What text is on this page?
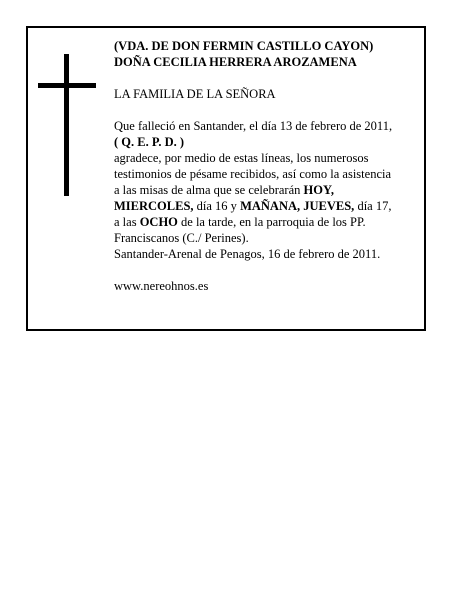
(VDA. DE DON FERMIN CASTILLO CAYON)
DOÑA CECILIA HERRERA AROZAMENA
LA FAMILIA DE LA SEÑORA
Que falleció en Santander, el día 13 de febrero de 2011,
( Q. E. P. D. )
agradece, por medio de estas líneas, los numerosos
testimonios de pésame recibidos, así como la asistencia
a las misas de alma que se celebrarán HOY,
MIERCOLES, día 16 y MAÑANA, JUEVES, día 17,
a las OCHO de la tarde, en la parroquia de los PP.
Franciscanos (C./ Perines).
Santander-Arenal de Penagos, 16 de febrero de 2011.
www.nereohnos.es
